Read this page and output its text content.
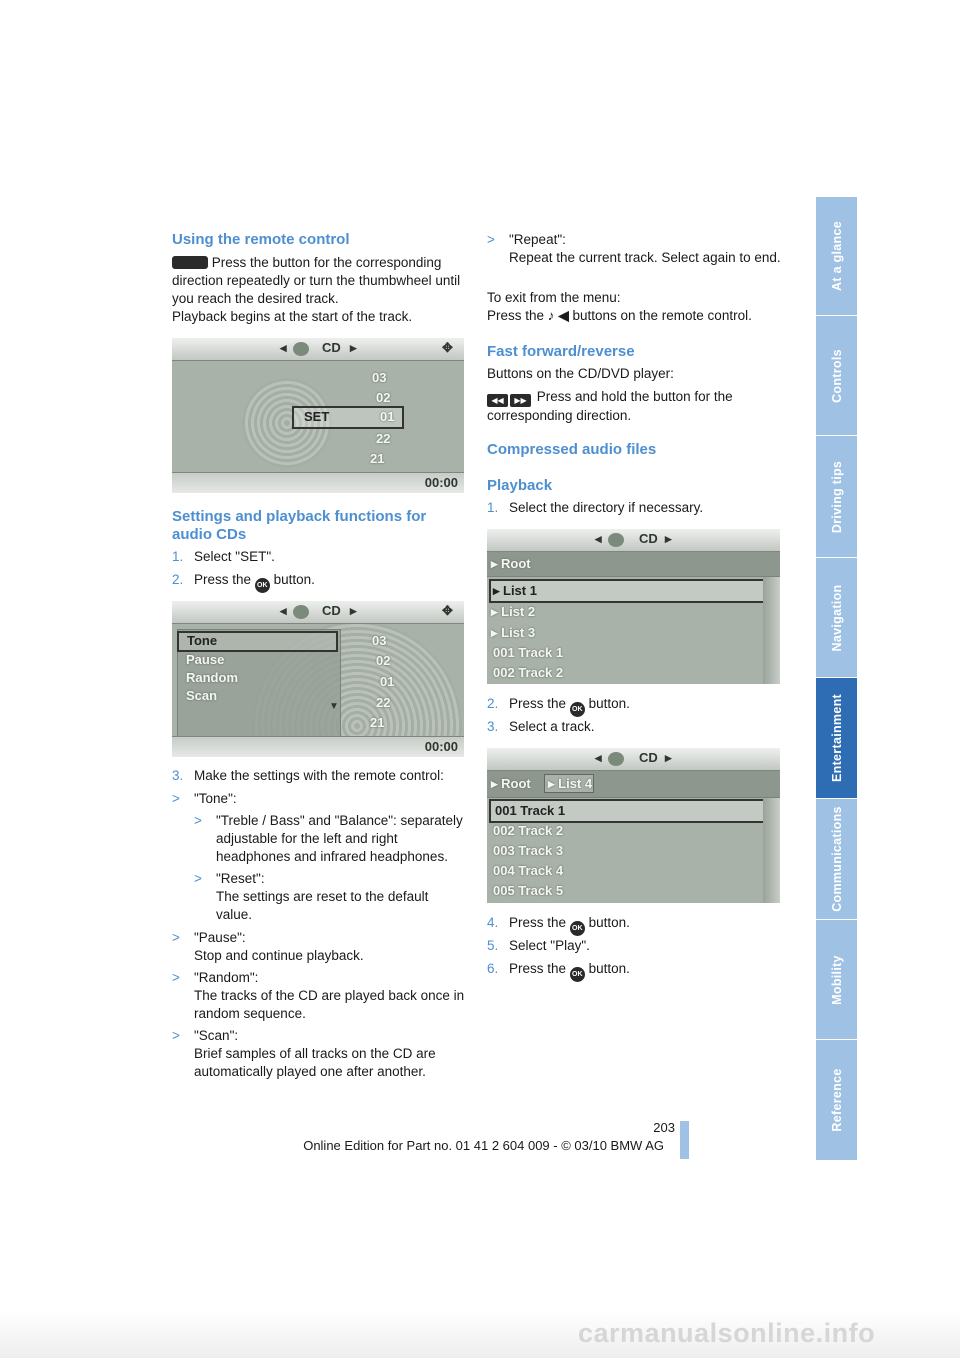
At a glance
Controls
Driving tips
Navigation
Entertainment
Communications
Mobility
Reference
Using the remote control

Press the button for the corresponding direction repeatedly or turn the thumbwheel until you reach the desired track.

Playback begins at the start of the track.

◂	CD ▸	✥
03
02
SET	01
22
21
00:00
Settings and playback functions for audio CDs
1. Select "SET".
2. Press the OK button.
◂	CD ▸	✥
Tone
Pause
Random
Scan
▼
03
02
01
22
21
00:00
3. Make the settings with the remote control:
> "Tone":
>	"Treble / Bass" and "Balance": separately adjustable for the left and right headphones and infrared headphones.
>	"Reset":
The settings are reset to the default value.
>	"Pause":
Stop and continue playback.
>	"Random":
The tracks of the CD are played back once in random sequence.
>	"Scan":
Brief samples of all tracks on the CD are automatically played one after another.
>	"Repeat":
Repeat the current track. Select again to end.

To exit from the menu:

Press the ♪ ◀ buttons on the remote control.

Fast forward/reverse
Buttons on the CD/DVD player:
◀◀ ▶▶ Press and hold the button for the corresponding direction.
Compressed audio files
Playback
1. Select the directory if necessary.
◂	CD ▸
▸ Root
▸ List 1
▸ List 2
▸ List 3
001 Track 1
002 Track 2
2. Press the OK button.
3. Select a track.
◂	CD ▸
▸ Root ▸ List 4
001 Track 1
002 Track 2
003 Track 3
004 Track 4
005 Track 5
4. Press the OK button.
5. Select "Play".
6. Press the OK button.
203
Online Edition for Part no. 01 41 2 604 009 - © 03/10 BMW AG
carmanualsonline.info
